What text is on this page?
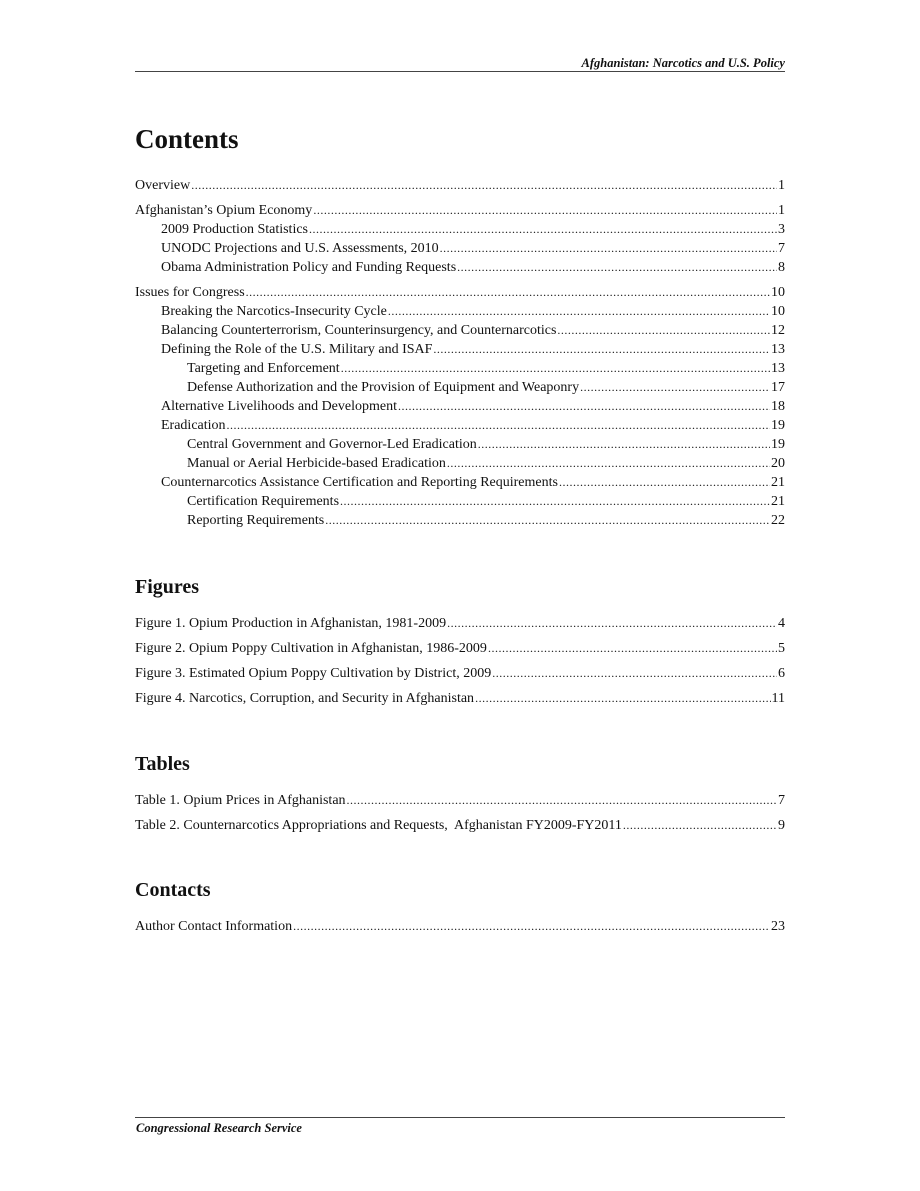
Afghanistan: Narcotics and U.S. Policy
Contents
Overview .....	1
Afghanistan’s Opium Economy .....	1
2009 Production Statistics .....	3
UNODC Projections and U.S. Assessments, 2010 .....	7
Obama Administration Policy and Funding Requests .....	8
Issues for Congress .....	10
Breaking the Narcotics-Insecurity Cycle .....	10
Balancing Counterterrorism, Counterinsurgency, and Counternarcotics .....	12
Defining the Role of the U.S. Military and ISAF .....	13
Targeting and Enforcement .....	13
Defense Authorization and the Provision of Equipment and Weaponry .....	17
Alternative Livelihoods and Development .....	18
Eradication .....	19
Central Government and Governor-Led Eradication .....	19
Manual or Aerial Herbicide-based Eradication .....	20
Counternarcotics Assistance Certification and Reporting Requirements .....	21
Certification Requirements .....	21
Reporting Requirements .....	22
Figures
Figure 1. Opium Production in Afghanistan, 1981-2009 .....	4
Figure 2. Opium Poppy Cultivation in Afghanistan, 1986-2009 .....	5
Figure 3. Estimated Opium Poppy Cultivation by District, 2009 .....	6
Figure 4. Narcotics, Corruption, and Security in Afghanistan .....	11
Tables
Table 1. Opium Prices in Afghanistan .....	7
Table 2. Counternarcotics Appropriations and Requests,  Afghanistan FY2009-FY2011 .....	9
Contacts
Author Contact Information .....	23
Congressional Research Service
